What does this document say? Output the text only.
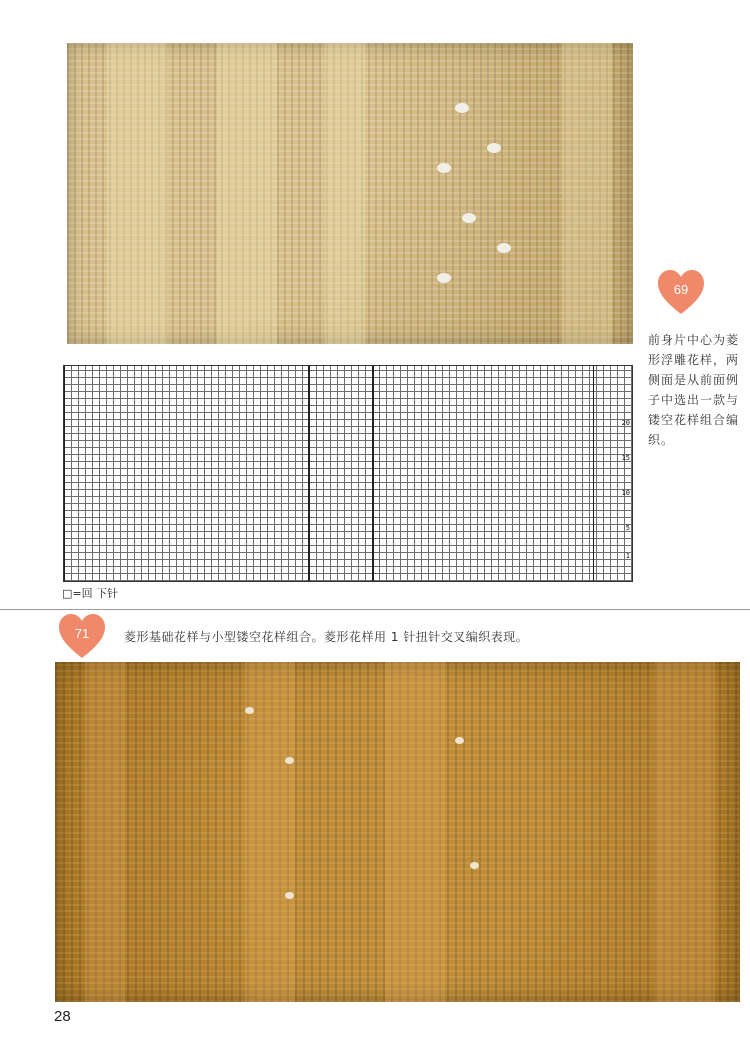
69
前身片中心为菱形浮雕花样，两侧面是从前面例子中选出一款与镂空花样组合编织。
20
15
10
5
1
□=回 下针
71	菱形基础花样与小型镂空花样组合。菱形花样用 1 针扭针交叉编织表现。
28
